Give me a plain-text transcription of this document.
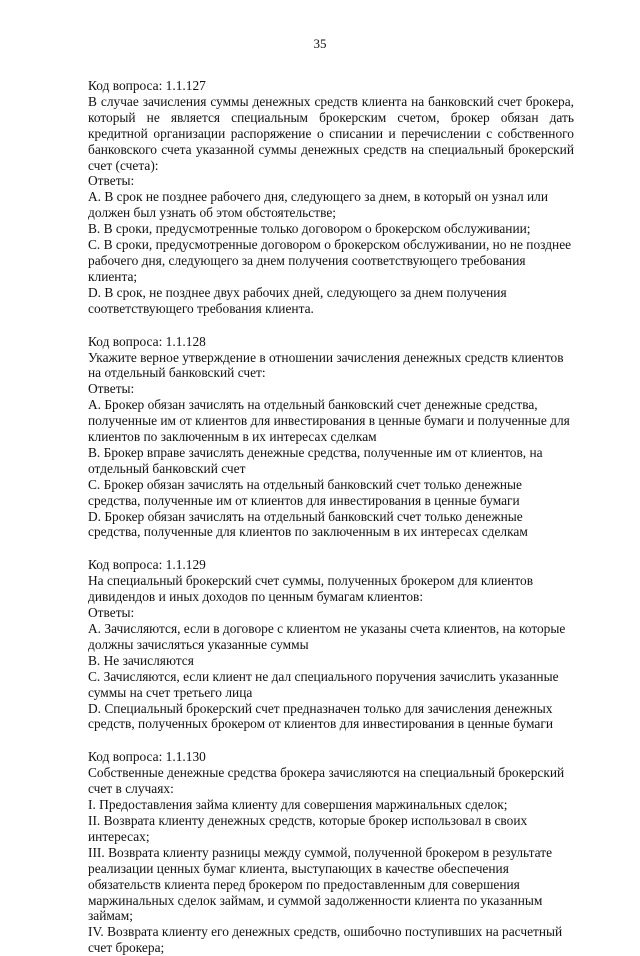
35

Код вопроса: 1.1.127

В случае зачисления суммы денежных средств клиента на банковский счет брокера, который не является специальным брокерским счетом, брокер обязан дать кредитной организации распоряжение о списании и перечислении с собственного банковского счета указанной суммы денежных средств на специальный брокерский счет (счета):

Ответы:

A. В срок не позднее рабочего дня, следующего за днем, в который он узнал или должен был узнать об этом обстоятельстве;

B. В сроки, предусмотренные только договором о брокерском обслуживании;

C. В сроки, предусмотренные договором о брокерском обслуживании, но не позднее рабочего дня, следующего за днем получения соответствующего требования клиента;

D. В срок, не позднее двух рабочих дней, следующего за днем получения соответствующего требования клиента.

Код вопроса: 1.1.128

Укажите верное утверждение в отношении зачисления денежных средств клиентов на отдельный банковский счет:

Ответы:

A. Брокер обязан зачислять на отдельный банковский счет денежные средства, полученные им от клиентов для инвестирования в ценные бумаги и полученные для клиентов по заключенным в их интересах сделкам

B. Брокер вправе зачислять денежные средства, полученные им от клиентов, на отдельный банковский счет

C. Брокер обязан зачислять на отдельный банковский счет только денежные средства, полученные им от клиентов для инвестирования в ценные бумаги

D. Брокер обязан зачислять на отдельный банковский счет только денежные средства, полученные для клиентов по заключенным в их интересах сделкам

Код вопроса: 1.1.129

На специальный брокерский счет суммы, полученных брокером для клиентов дивидендов и иных доходов по ценным бумагам клиентов:

Ответы:

A. Зачисляются, если в договоре с клиентом не указаны счета клиентов, на которые должны зачисляться указанные суммы

B. Не зачисляются

C. Зачисляются, если клиент не дал специального поручения зачислить указанные суммы на счет третьего лица

D. Специальный брокерский счет предназначен только для зачисления денежных средств, полученных брокером от клиентов для инвестирования в ценные бумаги

Код вопроса: 1.1.130

Собственные денежные средства брокера зачисляются на специальный брокерский счет в случаях:

I. Предоставления займа клиенту для совершения маржинальных сделок;

II. Возврата клиенту денежных средств, которые брокер использовал в своих интересах;

III. Возврата клиенту разницы между суммой, полученной брокером в результате реализации ценных бумаг клиента, выступающих в качестве обеспечения обязательств клиента перед брокером по предоставленным для совершения маржинальных сделок займам, и суммой задолженности клиента по указанным займам;

IV. Возврата клиенту его денежных средств, ошибочно поступивших на расчетный счет брокера;
